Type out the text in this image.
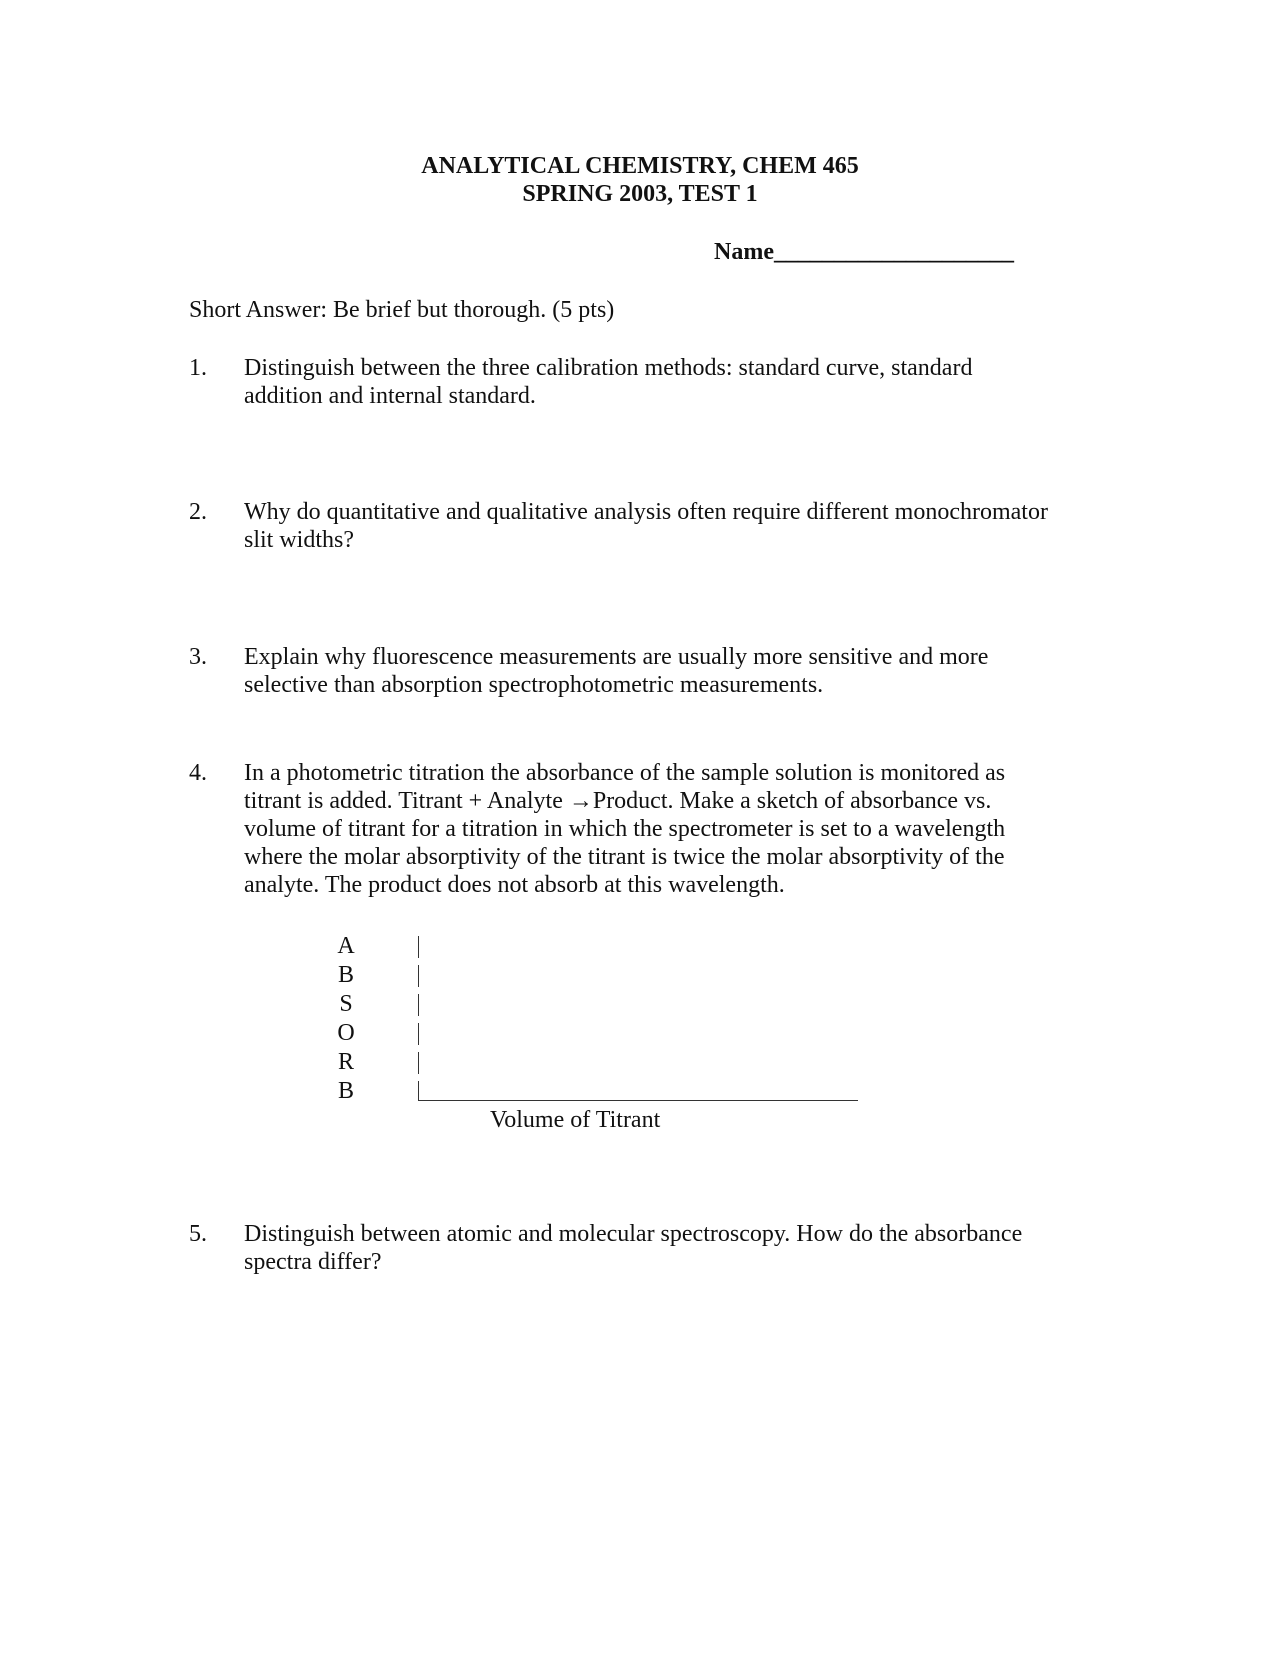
ANALYTICAL CHEMISTRY, CHEM 465
SPRING 2003, TEST 1
Name____________________
Short Answer: Be brief but thorough. (5 pts)
1. Distinguish between the three calibration methods: standard curve, standard
addition and internal standard.
2. Why do quantitative and qualitative analysis often require different monochromator
slit widths?
3. Explain why fluorescence measurements are usually more sensitive and more
selective than absorption spectrophotometric measurements.
4. In a photometric titration the absorbance of the sample solution is monitored as
titrant is added. Titrant + Analyte →Product. Make a sketch of absorbance vs.
volume of titrant for a titration in which the spectrometer is set to a wavelength
where the molar absorptivity of the titrant is twice the molar absorptivity of the
analyte. The product does not absorb at this wavelength.
A
B
S
O
R
B
Volume of Titrant
5. Distinguish between atomic and molecular spectroscopy. How do the absorbance
spectra differ?
